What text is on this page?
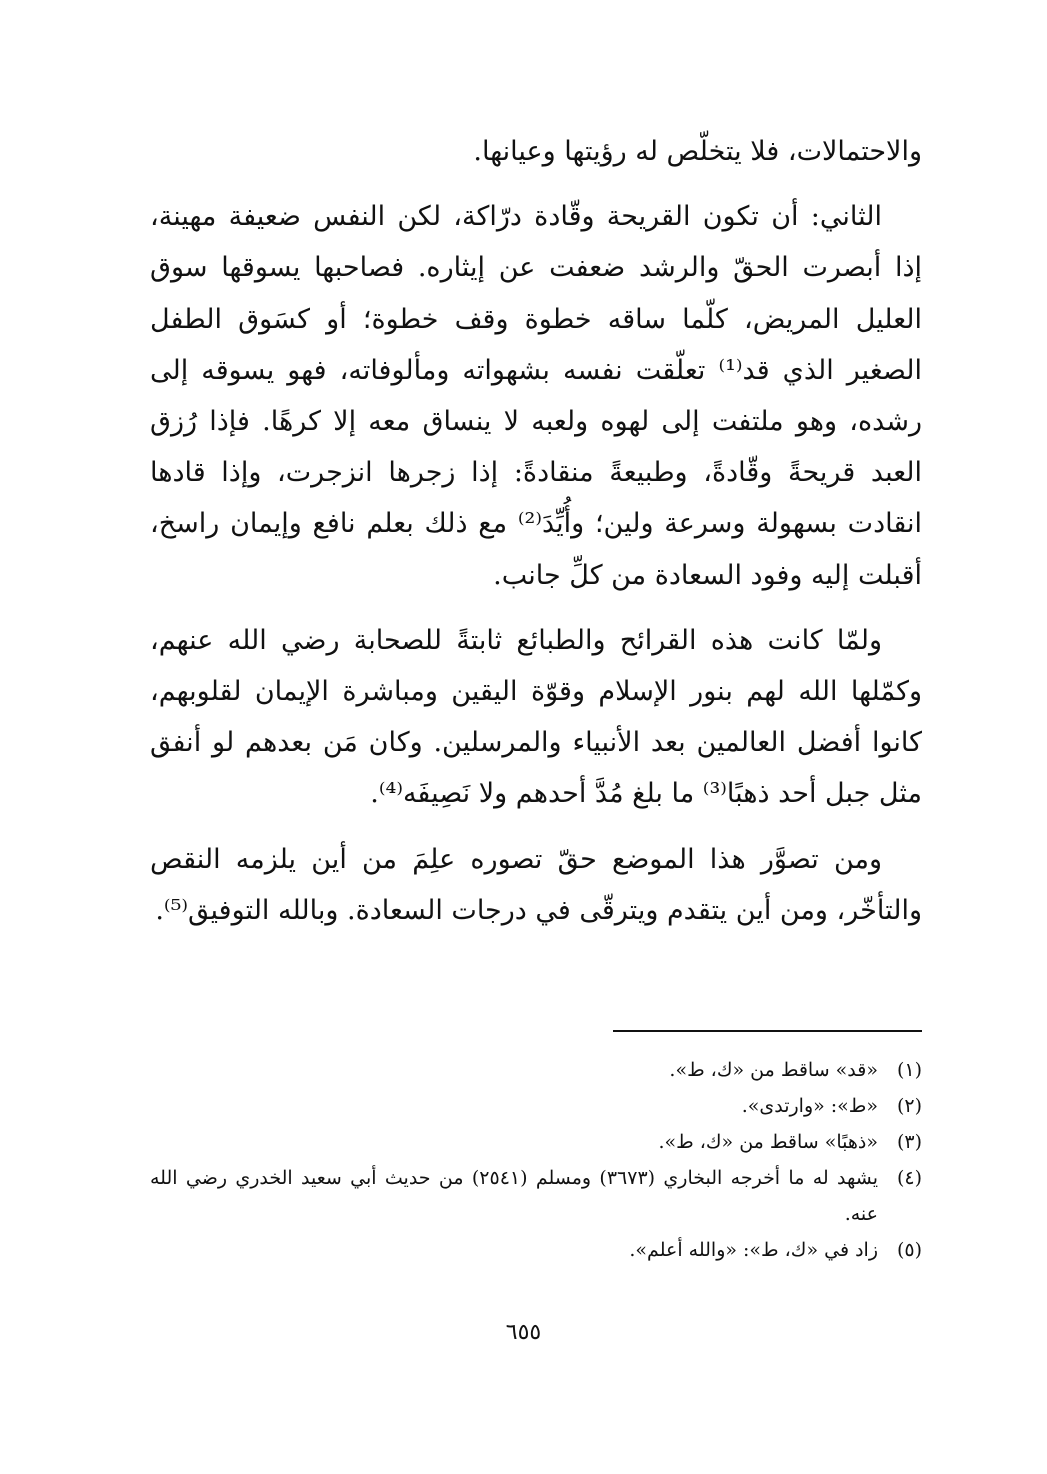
والاحتمالات، فلا يتخلّص له رؤيتها وعيانها.

الثاني: أن تكون القريحة وقّادة درّاكة، لكن النفس ضعيفة مهينة، إذا أبصرت الحقّ والرشد ضعفت عن إيثاره. فصاحبها يسوقها سوق العليل المريض، كلّما ساقه خطوة وقف خطوة؛ أو كسَوق الطفل الصغير الذي قد⁽¹⁾ تعلّقت نفسه بشهواته ومألوفاته، فهو يسوقه إلى رشده، وهو ملتفت إلى لهوه ولعبه لا ينساق معه إلا كرهًا. فإذا رُزق العبد قريحةً وقّادةً، وطبيعةً منقادةً: إذا زجرها انزجرت، وإذا قادها انقادت بسهولة وسرعة ولين؛ وأُيِّدَ⁽²⁾ مع ذلك بعلم نافع وإيمان راسخ، أقبلت إليه وفود السعادة من كلِّ جانب.

ولمّا كانت هذه القرائح والطبائع ثابتةً للصحابة رضي الله عنهم، وكمّلها الله لهم بنور الإسلام وقوّة اليقين ومباشرة الإيمان لقلوبهم، كانوا أفضل العالمين بعد الأنبياء والمرسلين. وكان مَن بعدهم لو أنفق مثل جبل أحد ذهبًا⁽³⁾ ما بلغ مُدَّ أحدهم ولا نَصِيفَه⁽⁴⁾.

ومن تصوَّر هذا الموضع حقّ تصوره علِمَ من أين يلزمه النقص والتأخّر، ومن أين يتقدم ويترقّى في درجات السعادة. وبالله التوفيق⁽⁵⁾.

(١)
«قد» ساقط من «ك، ط».
(٢)
«ط»: «وارتدى».
(٣)
«ذهبًا» ساقط من «ك، ط».
(٤)
يشهد له ما أخرجه البخاري (٣٦٧٣) ومسلم (٢٥٤١) من حديث أبي سعيد الخدري رضي الله عنه.
(٥)
زاد في «ك، ط»: «والله أعلم».
٦٥٥
